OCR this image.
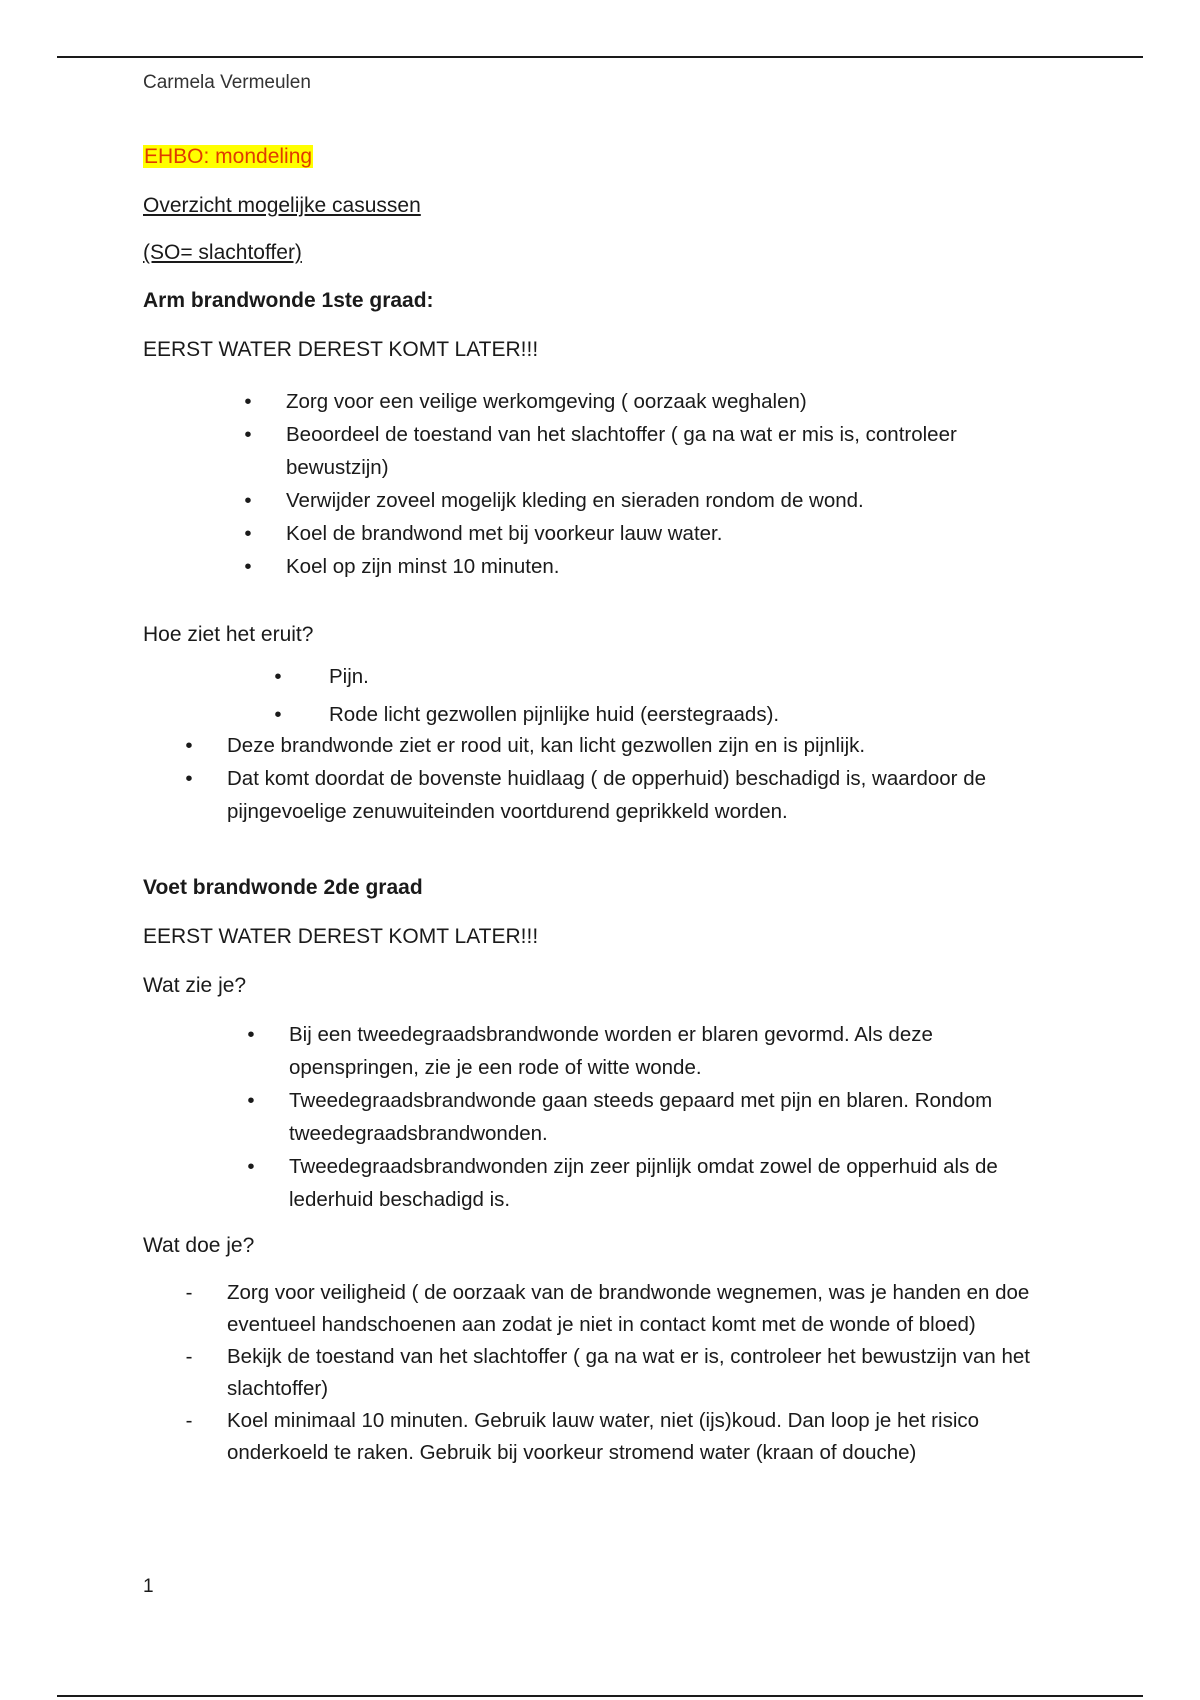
Carmela Vermeulen
EHBO: mondeling
Overzicht mogelijke casussen
(SO= slachtoffer)
Arm brandwonde 1ste graad:
EERST WATER DEREST KOMT LATER!!!
•	Zorg voor een veilige werkomgeving ( oorzaak weghalen)
•	Beoordeel de toestand van het slachtoffer ( ga na wat er mis is, controleer bewustzijn)
•	Verwijder zoveel mogelijk kleding en sieraden rondom de wond.
•	Koel de brandwond met bij voorkeur lauw water.
•	Koel op zijn minst 10 minuten.
Hoe ziet het eruit?
•	Pijn.
•	Rode licht gezwollen pijnlijke huid (eerstegraads).
•	Deze brandwonde ziet er rood uit, kan licht gezwollen zijn en is pijnlijk.
•	Dat komt doordat de bovenste huidlaag ( de opperhuid) beschadigd is, waardoor de pijngevoelige zenuwuiteinden voortdurend geprikkeld worden.
Voet brandwonde 2de graad
EERST WATER DEREST KOMT LATER!!!
Wat zie je?
•	Bij een tweedegraadsbrandwonde worden er blaren gevormd. Als deze openspringen, zie je een rode of witte wonde.
•	Tweedegraadsbrandwonde gaan steeds gepaard met pijn en blaren. Rondom tweedegraadsbrandwonden.
•	Tweedegraadsbrandwonden zijn zeer pijnlijk omdat zowel de opperhuid als de lederhuid beschadigd is.
Wat doe je?
-	Zorg voor veiligheid ( de oorzaak van de brandwonde wegnemen, was je handen en doe eventueel handschoenen aan zodat je niet in contact komt met de wonde of bloed)
-	Bekijk de toestand van het slachtoffer ( ga na wat er is, controleer het bewustzijn van het slachtoffer)
-	Koel minimaal 10 minuten. Gebruik lauw water, niet (ijs)koud. Dan loop je het risico onderkoeld te raken. Gebruik bij voorkeur stromend water (kraan of douche)
1
